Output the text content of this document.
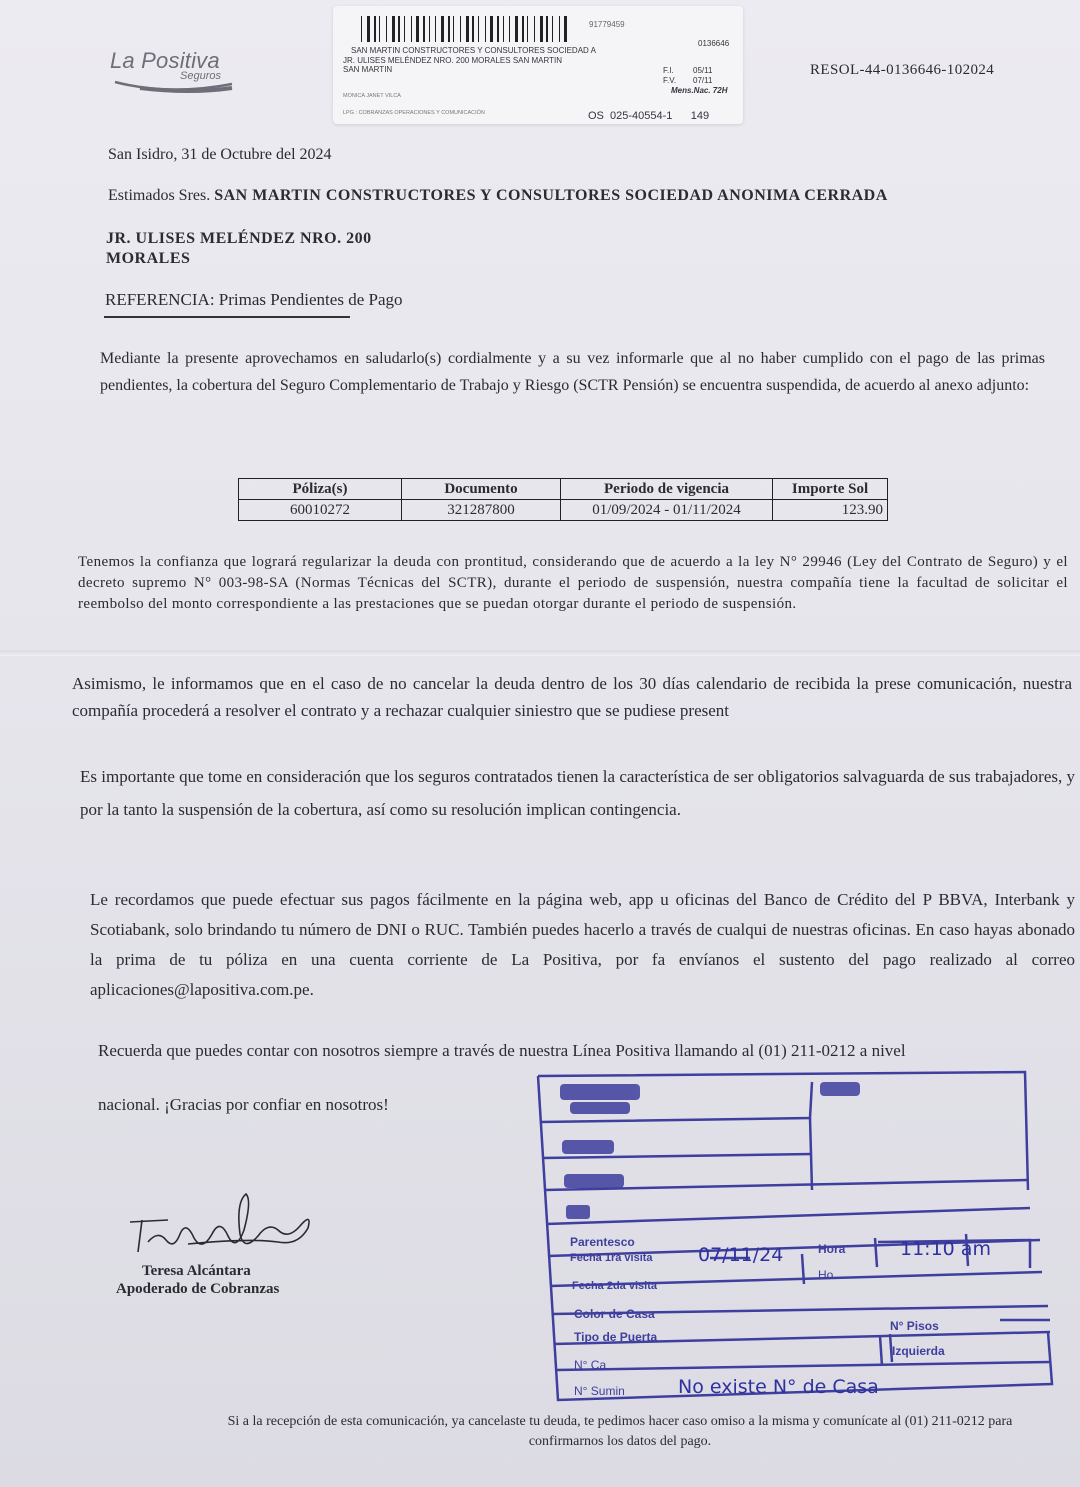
La Positiva
Seguros
91779459
0136646
SAN MARTIN CONSTRUCTORES Y CONSULTORES SOCIEDAD A
JR. ULISES MELÉNDEZ NRO. 200 MORALES SAN MARTIN
SAN MARTIN	F.I. 05/11
F.V. 07/11
Mens.Nac. 72H
MONICA JANET VILCA
LPG : COBRANZAS OPERACIONES Y COMUNICACIÓN	OS  025-40554-1      149
RESOL-44-0136646-102024
San Isidro, 31 de Octubre del 2024
Estimados Sres. SAN MARTIN CONSTRUCTORES Y CONSULTORES SOCIEDAD ANONIMA CERRADA
JR. ULISES MELÉNDEZ NRO. 200
MORALES
REFERENCIA: Primas Pendientes de Pago
Mediante la presente aprovechamos en saludarlo(s) cordialmente y a su vez informarle que al no haber cumplido con el pago de las primas pendientes, la cobertura del Seguro Complementario de Trabajo y Riesgo (SCTR Pensión) se encuentra suspendida, de acuerdo al anexo adjunto:
Póliza(s)	Documento	Periodo de vigencia	Importe Sol
60010272	321287800	01/09/2024 - 01/11/2024	123.90
Tenemos la confianza que logrará regularizar la deuda con prontitud, considerando que de acuerdo a la ley N° 29946 (Ley del Contrato de Seguro) y el decreto supremo N° 003-98-SA (Normas Técnicas del SCTR), durante el periodo de suspensión, nuestra compañía tiene la facultad de solicitar el reembolso del monto correspondiente a las prestaciones que se puedan otorgar durante el periodo de suspensión.
Asimismo, le informamos que en el caso de no cancelar la deuda dentro de los 30 días calendario de recibida la prese comunicación, nuestra compañía procederá a resolver el contrato y a rechazar cualquier siniestro que se pudiese present
Es importante que tome en consideración que los seguros contratados tienen la característica de ser obligatorios salvaguarda de sus trabajadores, y por la tanto la suspensión de la cobertura, así como su resolución implican contingencia.
Le recordamos que puede efectuar sus pagos fácilmente en la página web, app u oficinas del Banco de Crédito del P BBVA, Interbank y Scotiabank, solo brindando tu número de DNI o RUC. También puedes hacerlo a través de cualqui de nuestras oficinas. En caso hayas abonado la prima de tu póliza en una cuenta corriente de La Positiva, por fa envíanos el sustento del pago realizado al correo aplicaciones@lapositiva.com.pe.
Recuerda que puedes contar con nosotros siempre a través de nuestra Línea Positiva llamando al (01) 211-0212 a nivel
nacional. ¡Gracias por confiar en nosotros!
Parentesco
Fecha 1ra visita 07/11/24	Hora	11:10 am
Ho
Fecha 2da visita
Color de Casa
Tipo de Puerta
N° Pisos
Izquierda
N° Ca
N° Sumin	No existe N° de Casa
Teresa Alcántara
Apoderado de Cobranzas
Si a la recepción de esta comunicación, ya cancelaste tu deuda, te pedimos hacer caso omiso a la misma y comunícate al (01) 211-0212 para confirmarnos los datos del pago.
